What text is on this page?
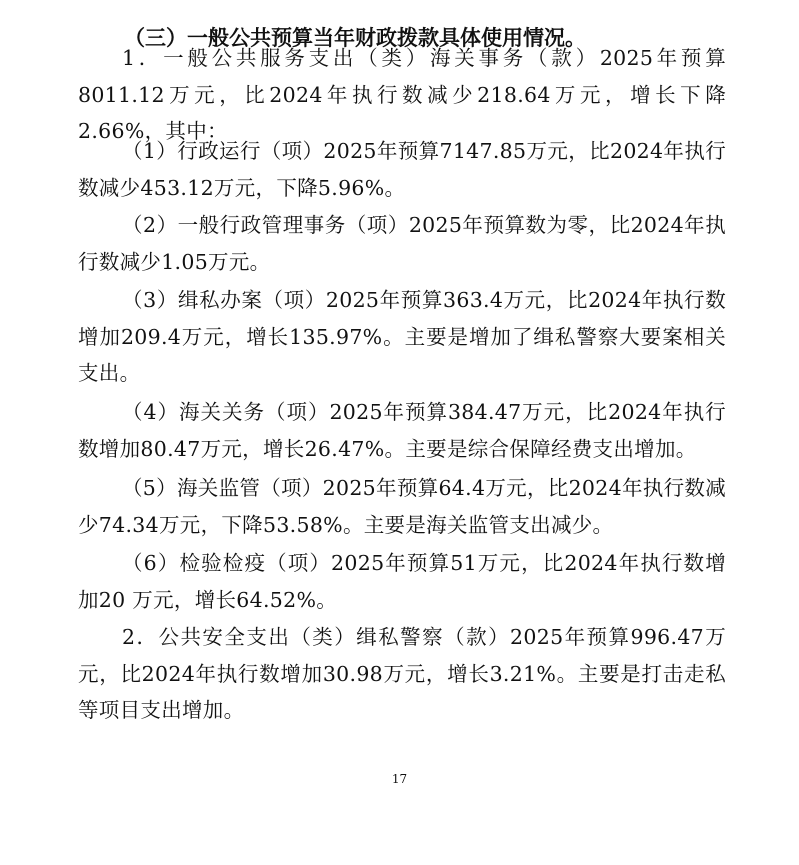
（三）一般公共预算当年财政拨款具体使用情况。

1．一般公共服务支出（类）海关事务（款）2025年预算8011.12万元，比2024年执行数减少218.64万元，增长下降2.66%，其中：

（1）行政运行（项）2025年预算7147.85万元，比2024年执行数减少453.12万元，下降5.96%。

（2）一般行政管理事务（项）2025年预算数为零，比2024年执行数减少1.05万元。

（3）缉私办案（项）2025年预算363.4万元，比2024年执行数增加209.4万元，增长135.97%。主要是增加了缉私警察大要案相关支出。

（4）海关关务（项）2025年预算384.47万元，比2024年执行数增加80.47万元，增长26.47%。主要是综合保障经费支出增加。

（5）海关监管（项）2025年预算64.4万元，比2024年执行数减少74.34万元，下降53.58%。主要是海关监管支出减少。

（6）检验检疫（项）2025年预算51万元，比2024年执行数增加20 万元，增长64.52%。

2．公共安全支出（类）缉私警察（款）2025年预算996.47万元，比2024年执行数增加30.98万元，增长3.21%。主要是打击走私等项目支出增加。

17
